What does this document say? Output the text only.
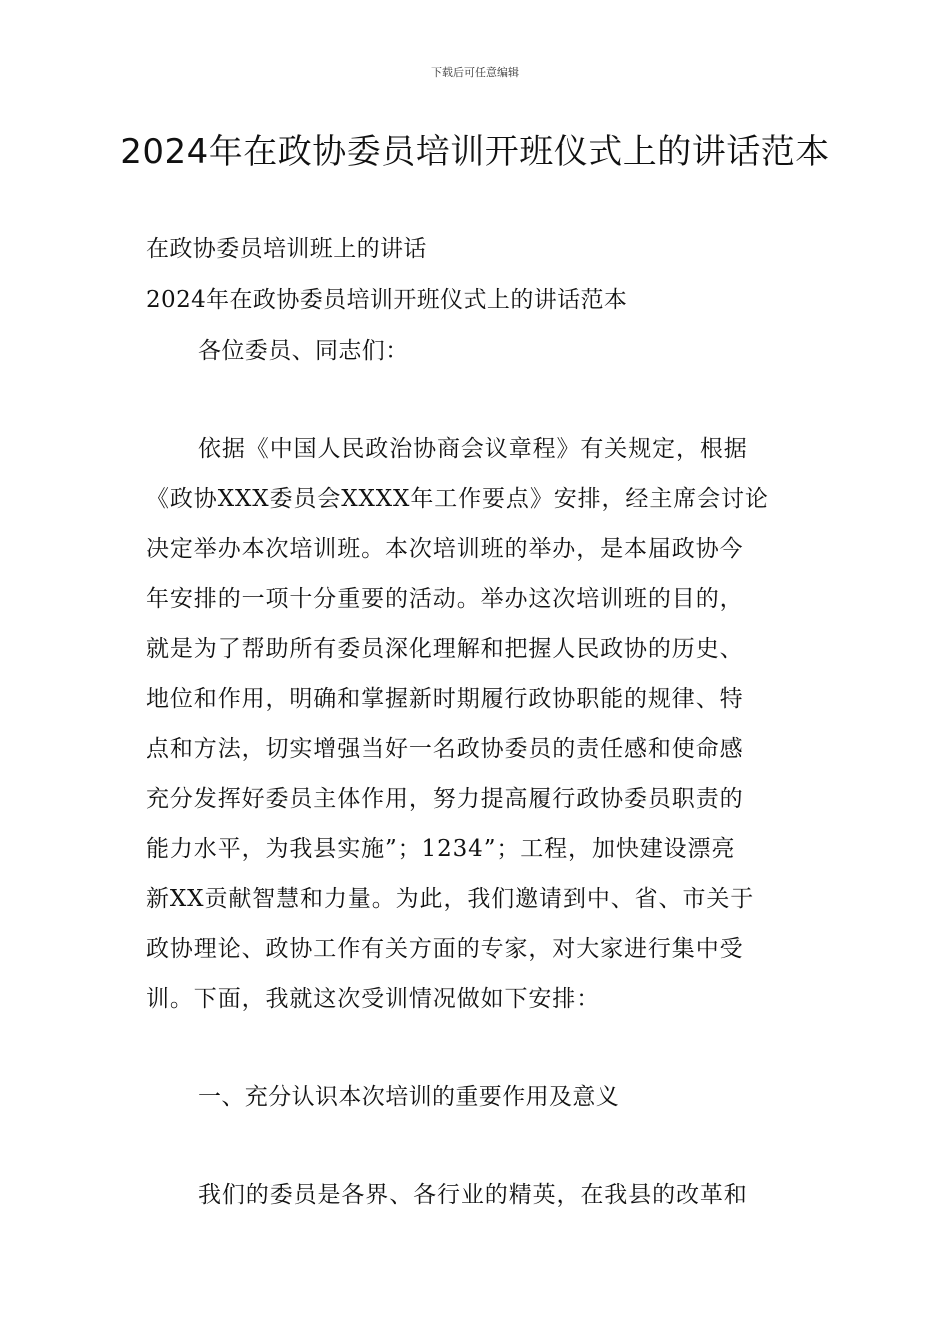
下载后可任意编辑
2024年在政协委员培训开班仪式上的讲话范本
在政协委员培训班上的讲话
2024年在政协委员培训开班仪式上的讲话范本
各位委员、同志们：
依据《中国人民政治协商会议章程》有关规定，根据
《政协XXX委员会XXXX年工作要点》安排，经主席会讨论
决定举办本次培训班。本次培训班的举办，是本届政协今
年安排的一项十分重要的活动。举办这次培训班的目的，
就是为了帮助所有委员深化理解和把握人民政协的历史、
地位和作用，明确和掌握新时期履行政协职能的规律、特
点和方法，切实增强当好一名政协委员的责任感和使命感
充分发挥好委员主体作用，努力提高履行政协委员职责的
能力水平，为我县实施”；1234”；工程，加快建设漂亮
新XX贡献智慧和力量。为此，我们邀请到中、省、市关于
政协理论、政协工作有关方面的专家，对大家进行集中受
训。下面，我就这次受训情况做如下安排：
一、充分认识本次培训的重要作用及意义
我们的委员是各界、各行业的精英，在我县的改革和
